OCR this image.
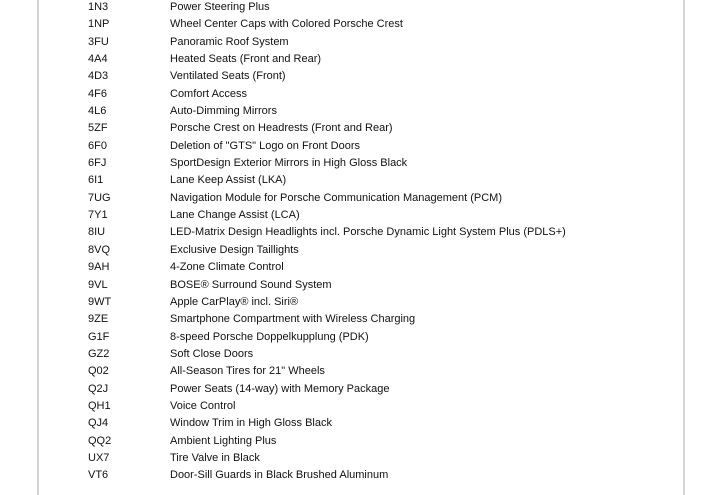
1N3	Power Steering Plus
1NP	Wheel Center Caps with Colored Porsche Crest
3FU	Panoramic Roof System
4A4	Heated Seats (Front and Rear)
4D3	Ventilated Seats (Front)
4F6	Comfort Access
4L6	Auto-Dimming Mirrors
5ZF	Porsche Crest on Headrests (Front and Rear)
6F0	Deletion of "GTS" Logo on Front Doors
6FJ	SportDesign Exterior Mirrors in High Gloss Black
6I1	Lane Keep Assist (LKA)
7UG	Navigation Module for Porsche Communication Management (PCM)
7Y1	Lane Change Assist (LCA)
8IU	LED-Matrix Design Headlights incl. Porsche Dynamic Light System Plus (PDLS+)
8VQ	Exclusive Design Taillights
9AH	4-Zone Climate Control
9VL	BOSE® Surround Sound System
9WT	Apple CarPlay® incl. Siri®
9ZE	Smartphone Compartment with Wireless Charging
G1F	8-speed Porsche Doppelkupplung (PDK)
GZ2	Soft Close Doors
Q02	All-Season Tires for 21" Wheels
Q2J	Power Seats (14-way) with Memory Package
QH1	Voice Control
QJ4	Window Trim in High Gloss Black
QQ2	Ambient Lighting Plus
UX7	Tire Valve in Black
VT6	Door-Sill Guards in Black Brushed Aluminum
